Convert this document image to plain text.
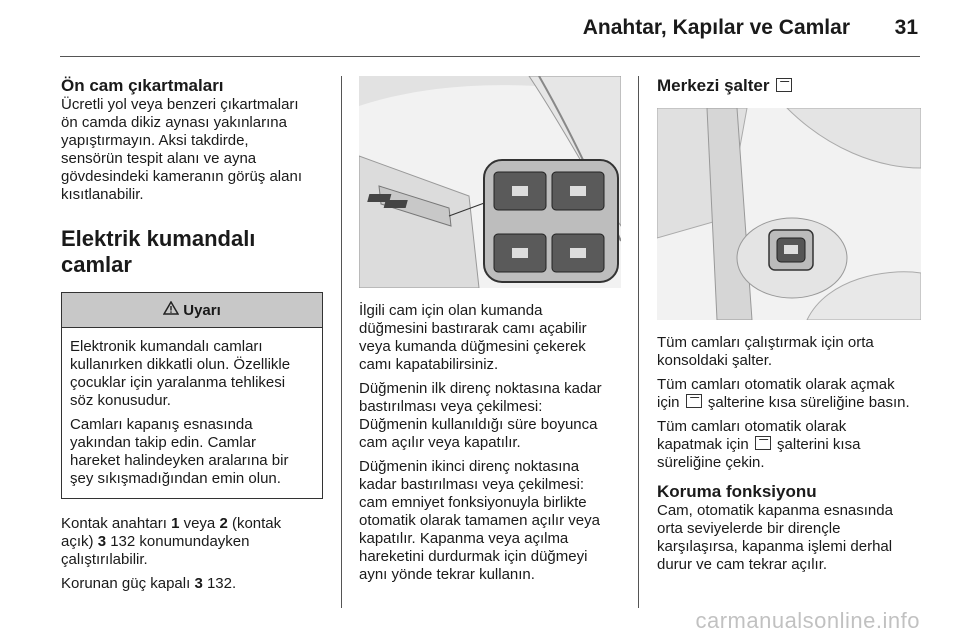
Anahtar, Kapılar ve Camlar 31
Ön cam çıkartmaları

Ücretli yol veya benzeri çıkartmaları
ön camda dikiz aynası yakınlarına
yapıştırmayın. Aksi takdirde,
sensörün tespit alanı ve ayna
gövdesindeki kameranın görüş alanı
kısıtlanabilir.

Elektrik kumandalı camlar
Uyarı

Elektronik kumandalı camları
kullanırken dikkatli olun. Özellikle
çocuklar için yaralanma tehlikesi
söz konusudur.

Camları kapanış esnasında
yakından takip edin. Camlar
hareket halindeyken aralarına bir
şey sıkışmadığından emin olun.

Kontak anahtarı 1 veya 2 (kontak
açık) 3 132 konumundayken
çalıştırılabilir.

Korunan güç kapalı 3 132.

İlgili cam için olan kumanda
düğmesini bastırarak camı açabilir
veya kumanda düğmesini çekerek
camı kapatabilirsiniz.

Düğmenin ilk direnç noktasına kadar
bastırılması veya çekilmesi:
Düğmenin kullanıldığı süre boyunca
cam açılır veya kapatılır.

Düğmenin ikinci direnç noktasına
kadar bastırılması veya çekilmesi:
cam emniyet fonksiyonuyla birlikte
otomatik olarak tamamen açılır veya
kapatılır. Kapanma veya açılma
hareketini durdurmak için düğmeyi
aynı yönde tekrar kullanın.

Merkezi şalter

Tüm camları çalıştırmak için orta
konsoldaki şalter.

Tüm camları otomatik olarak açmak
için  şalterine kısa süreliğine basın.

Tüm camları otomatik olarak
kapatmak için  şalterini kısa
süreliğine çekin.

Koruma fonksiyonu

Cam, otomatik kapanma esnasında
orta seviyelerde bir dirençle
karşılaşırsa, kapanma işlemi derhal
durur ve cam tekrar açılır.

carmanualsonline.info
